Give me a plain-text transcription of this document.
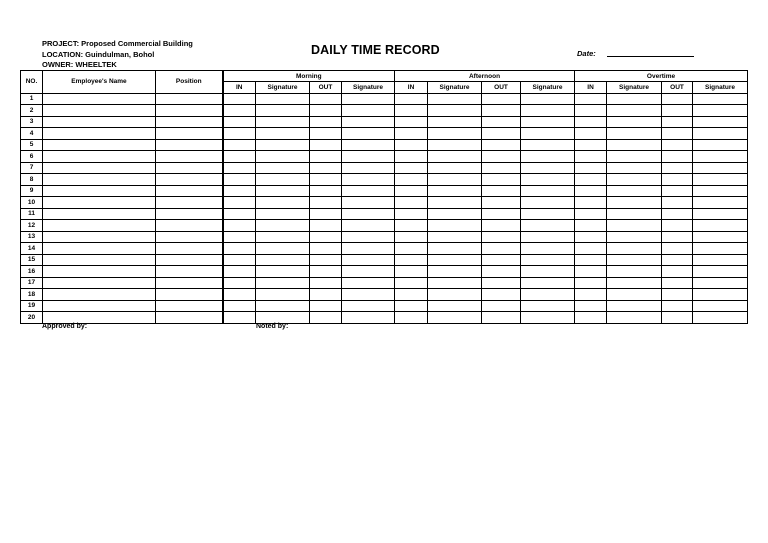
PROJECT: Proposed Commercial Building
LOCATION: Guindulman, Bohol
OWNER: WHEELTEK
DAILY TIME RECORD	Date:
NO.	Employee's Name	Position	Morning				Afternoon				Overtime			
			IN	Signature	OUT	Signature	IN	Signature	OUT	Signature	IN	Signature	OUT	Signature
1														
2														
3														
4														
5														
6														
7														
8														
9														
10														
11														
12														
13														
14														
15														
16														
17														
18														
19														
20														
Approved by:	Noted by:
